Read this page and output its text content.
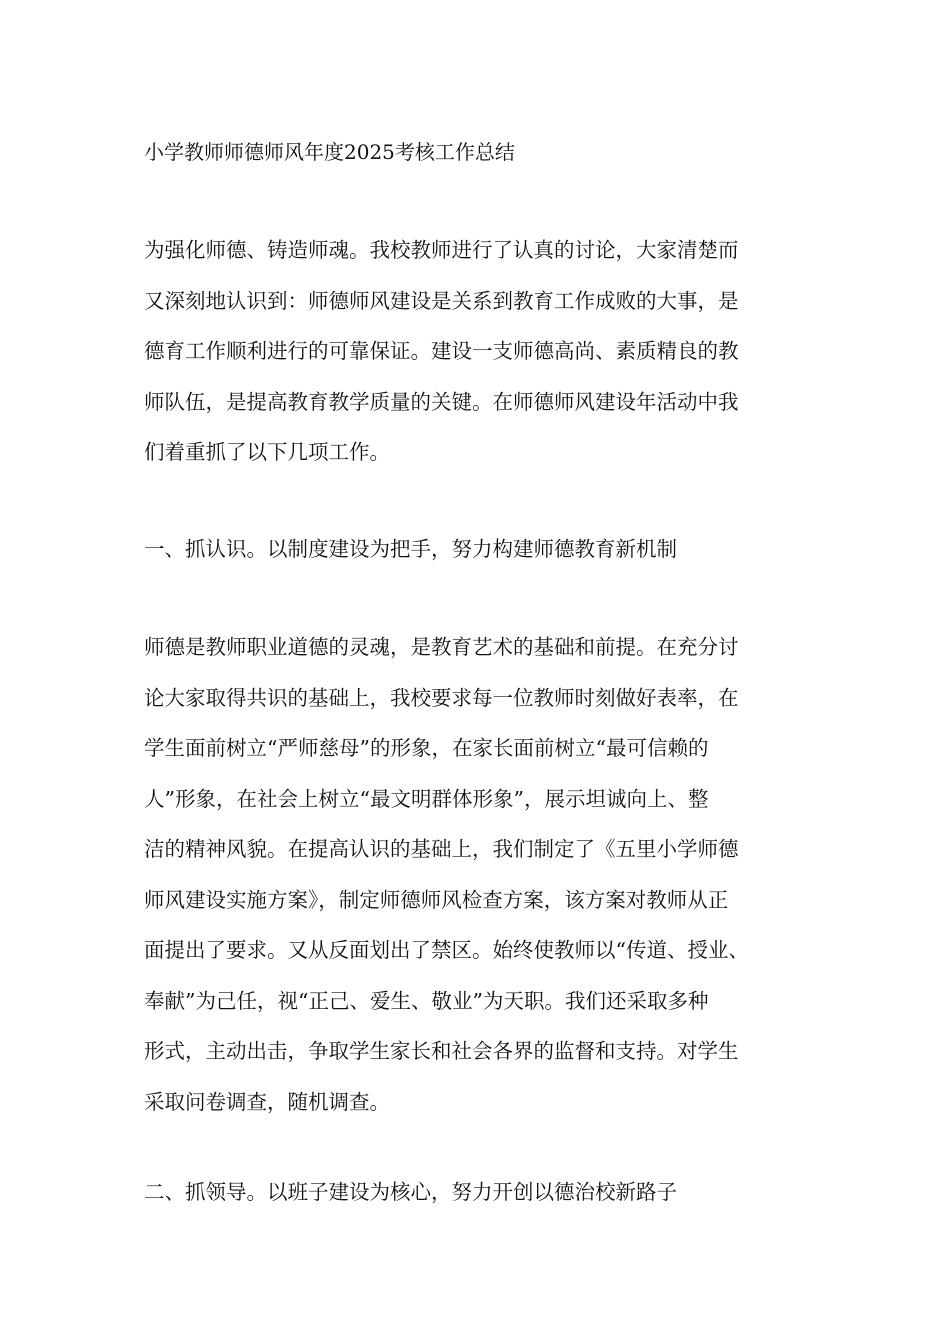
小学教师师德师风年度2025考核工作总结
为强化师德、铸造师魂。我校教师进行了认真的讨论，大家清楚而
又深刻地认识到：师德师风建设是关系到教育工作成败的大事，是
德育工作顺利进行的可靠保证。建设一支师德高尚、素质精良的教
师队伍，是提高教育教学质量的关键。在师德师风建设年活动中我
们着重抓了以下几项工作。
一、抓认识。以制度建设为把手，努力构建师德教育新机制
师德是教师职业道德的灵魂，是教育艺术的基础和前提。在充分讨
论大家取得共识的基础上，我校要求每一位教师时刻做好表率，在
学生面前树立“严师慈母”的形象，在家长面前树立“最可信赖的
人”形象，在社会上树立“最文明群体形象”，展示坦诚向上、整
洁的精神风貌。在提高认识的基础上，我们制定了《五里小学师德
师风建设实施方案》，制定师德师风检查方案，该方案对教师从正
面提出了要求。又从反面划出了禁区。始终使教师以“传道、授业、
奉献”为己任，视“正己、爱生、敬业”为天职。我们还采取多种
形式，主动出击，争取学生家长和社会各界的监督和支持。对学生
采取问卷调查，随机调查。
二、抓领导。以班子建设为核心，努力开创以德治校新路子
